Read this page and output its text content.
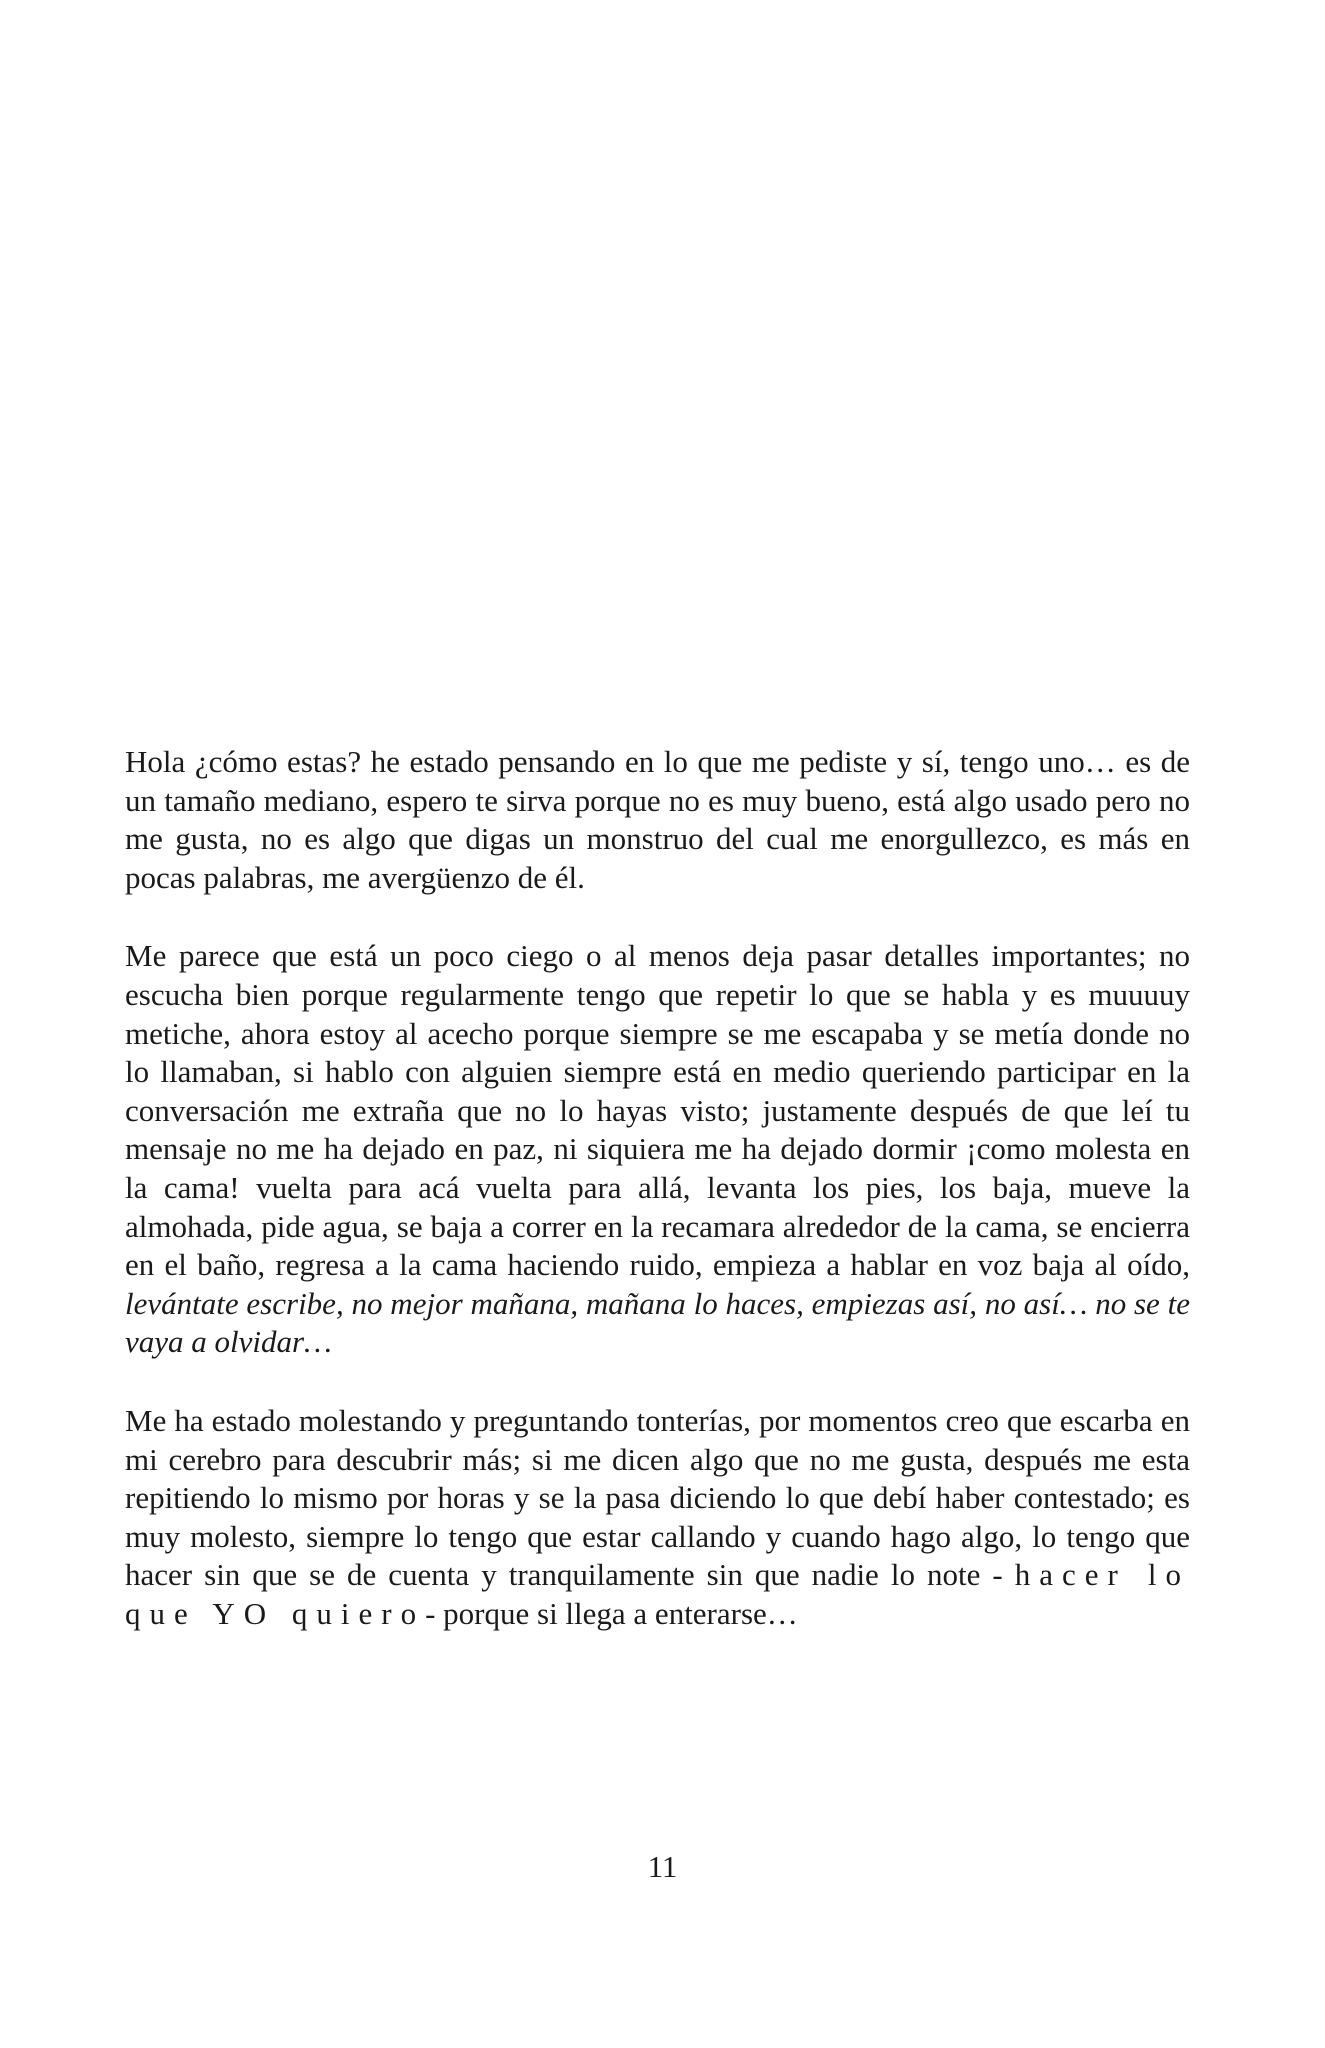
Hola ¿cómo estas? he estado pensando en lo que me pediste y sí, tengo uno… es de un tamaño mediano, espero te sirva porque no es muy bueno, está algo usado pero no me gusta, no es algo que digas un monstruo del cual me enorgullezco, es más en pocas palabras, me avergüenzo de él.

Me parece que está un poco ciego o al menos deja pasar detalles importantes; no escucha bien porque regularmente tengo que repetir lo que se habla y es muuuuy metiche, ahora estoy al acecho porque siempre se me escapaba y se metía donde no lo llamaban, si hablo con alguien siempre está en medio queriendo participar en la conversación me extraña que no lo hayas visto; justamente después de que leí tu mensaje no me ha dejado en paz, ni siquiera me ha dejado dormir ¡como molesta en la cama! vuelta para acá vuelta para allá, levanta los pies, los baja, mueve la almohada, pide agua, se baja a correr en la recamara alrededor de la cama, se encierra en el baño, regresa a la cama haciendo ruido, empieza a hablar en voz baja al oído, levántate escribe, no mejor mañana, mañana lo haces, empiezas así, no así… no se te vaya a olvidar…

Me ha estado molestando y preguntando tonterías, por momentos creo que escarba en mi cerebro para descubrir más; si me dicen algo que no me gusta, después me esta repitiendo lo mismo por horas y se la pasa diciendo lo que debí haber contestado; es muy molesto, siempre lo tengo que estar callando y cuando hago algo, lo tengo que hacer sin que se de cuenta y tranquilamente sin que nadie lo note - hacer lo que YO quiero- porque si llega a enterarse…

11
